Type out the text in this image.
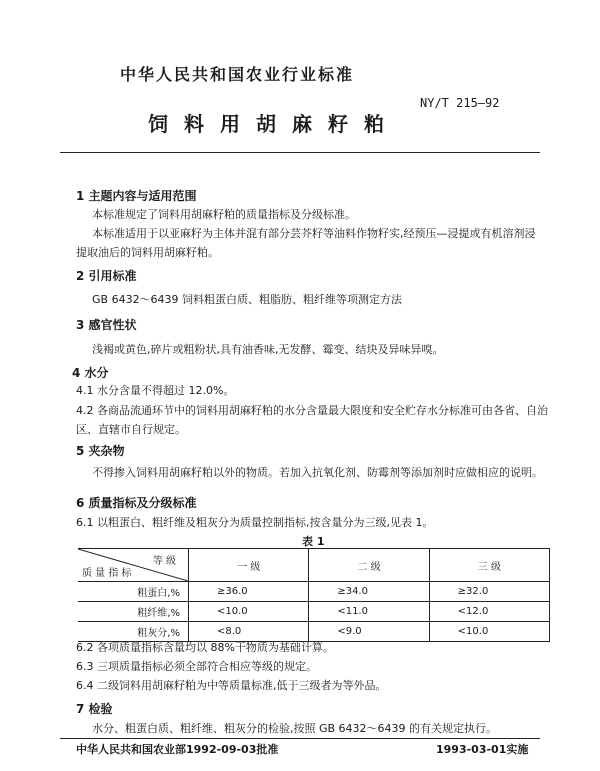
中华人民共和国农业行业标准
NY/T 215—92
饲料用胡麻籽粕
1 主题内容与适用范围
本标准规定了饲料用胡麻籽粕的质量指标及分级标准。
本标准适用于以亚麻籽为主体并混有部分芸芥籽等油料作物籽实,经预压—浸提或有机溶剂浸提取油后的饲料用胡麻籽粕。
2 引用标准
GB 6432～6439 饲料粗蛋白质、粗脂肪、粗纤维等项测定方法
3 感官性状
浅褐或黄色,碎片或粗粉状,具有油香味,无发酵、霉变、结块及异味异嗅。
4 水分
4.1 水分含量不得超过 12.0%。
4.2 各商品流通环节中的饲料用胡麻籽粕的水分含量最大限度和安全贮存水分标准可由各省、自治区、直辖市自行规定。
5 夹杂物
不得掺入饲料用胡麻籽粕以外的物质。若加入抗氧化剂、防霉剂等添加剂时应做相应的说明。
6 质量指标及分级标准
6.1 以粗蛋白、粗纤维及粗灰分为质量控制指标,按含量分为三级,见表 1。
表 1
等 级
质 量 指 标	一 级	二 级	三 级
粗蛋白,%	≥36.0	≥34.0	≥32.0
粗纤维,%	<10.0	<11.0	<12.0
粗灰分,%	<8.0	<9.0	<10.0
6.2 各项质量指标含量均以 88%干物质为基础计算。
6.3 三项质量指标必须全部符合相应等级的规定。
6.4 二级饲料用胡麻籽粕为中等质量标准,低于三级者为等外品。
7 检验
水分、粗蛋白质、粗纤维、粗灰分的检验,按照 GB 6432～6439 的有关规定执行。
中华人民共和国农业部1992-09-03批准	1993-03-01实施
